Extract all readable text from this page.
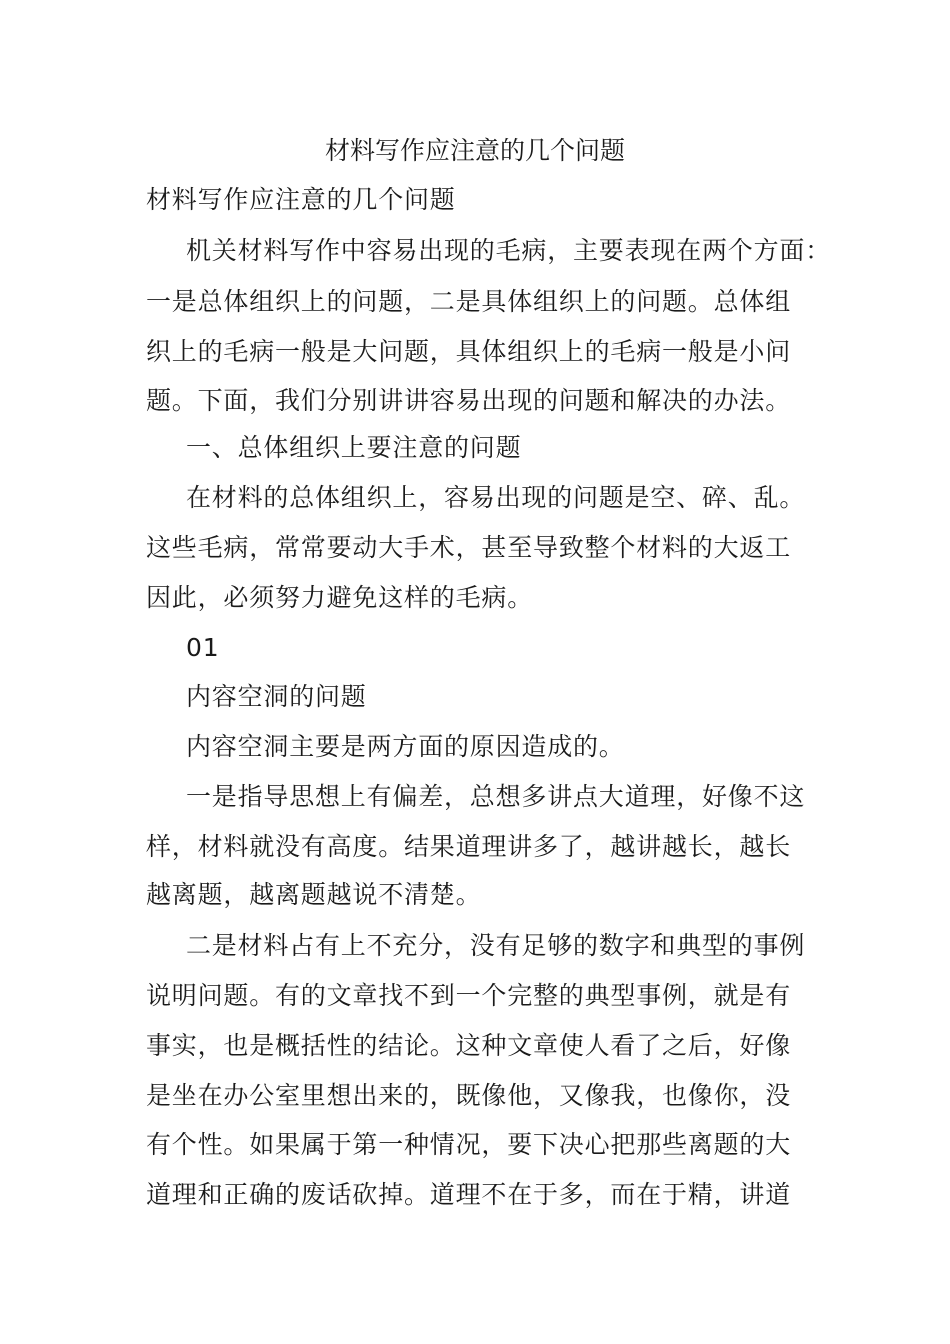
材料写作应注意的几个问题
材料写作应注意的几个问题
机关材料写作中容易出现的毛病，主要表现在两个方面：
一是总体组织上的问题，二是具体组织上的问题。总体组
织上的毛病一般是大问题，具体组织上的毛病一般是小问
题。下面，我们分别讲讲容易出现的问题和解决的办法。
一、总体组织上要注意的问题
在材料的总体组织上，容易出现的问题是空、碎、乱。
这些毛病，常常要动大手术，甚至导致整个材料的大返工
因此，必须努力避免这样的毛病。
01
内容空洞的问题
内容空洞主要是两方面的原因造成的。
一是指导思想上有偏差，总想多讲点大道理，好像不这
样，材料就没有高度。结果道理讲多了，越讲越长，越长
越离题，越离题越说不清楚。
二是材料占有上不充分，没有足够的数字和典型的事例
说明问题。有的文章找不到一个完整的典型事例，就是有
事实，也是概括性的结论。这种文章使人看了之后，好像
是坐在办公室里想出来的，既像他，又像我，也像你，没
有个性。如果属于第一种情况，要下决心把那些离题的大
道理和正确的废话砍掉。道理不在于多，而在于精，讲道
